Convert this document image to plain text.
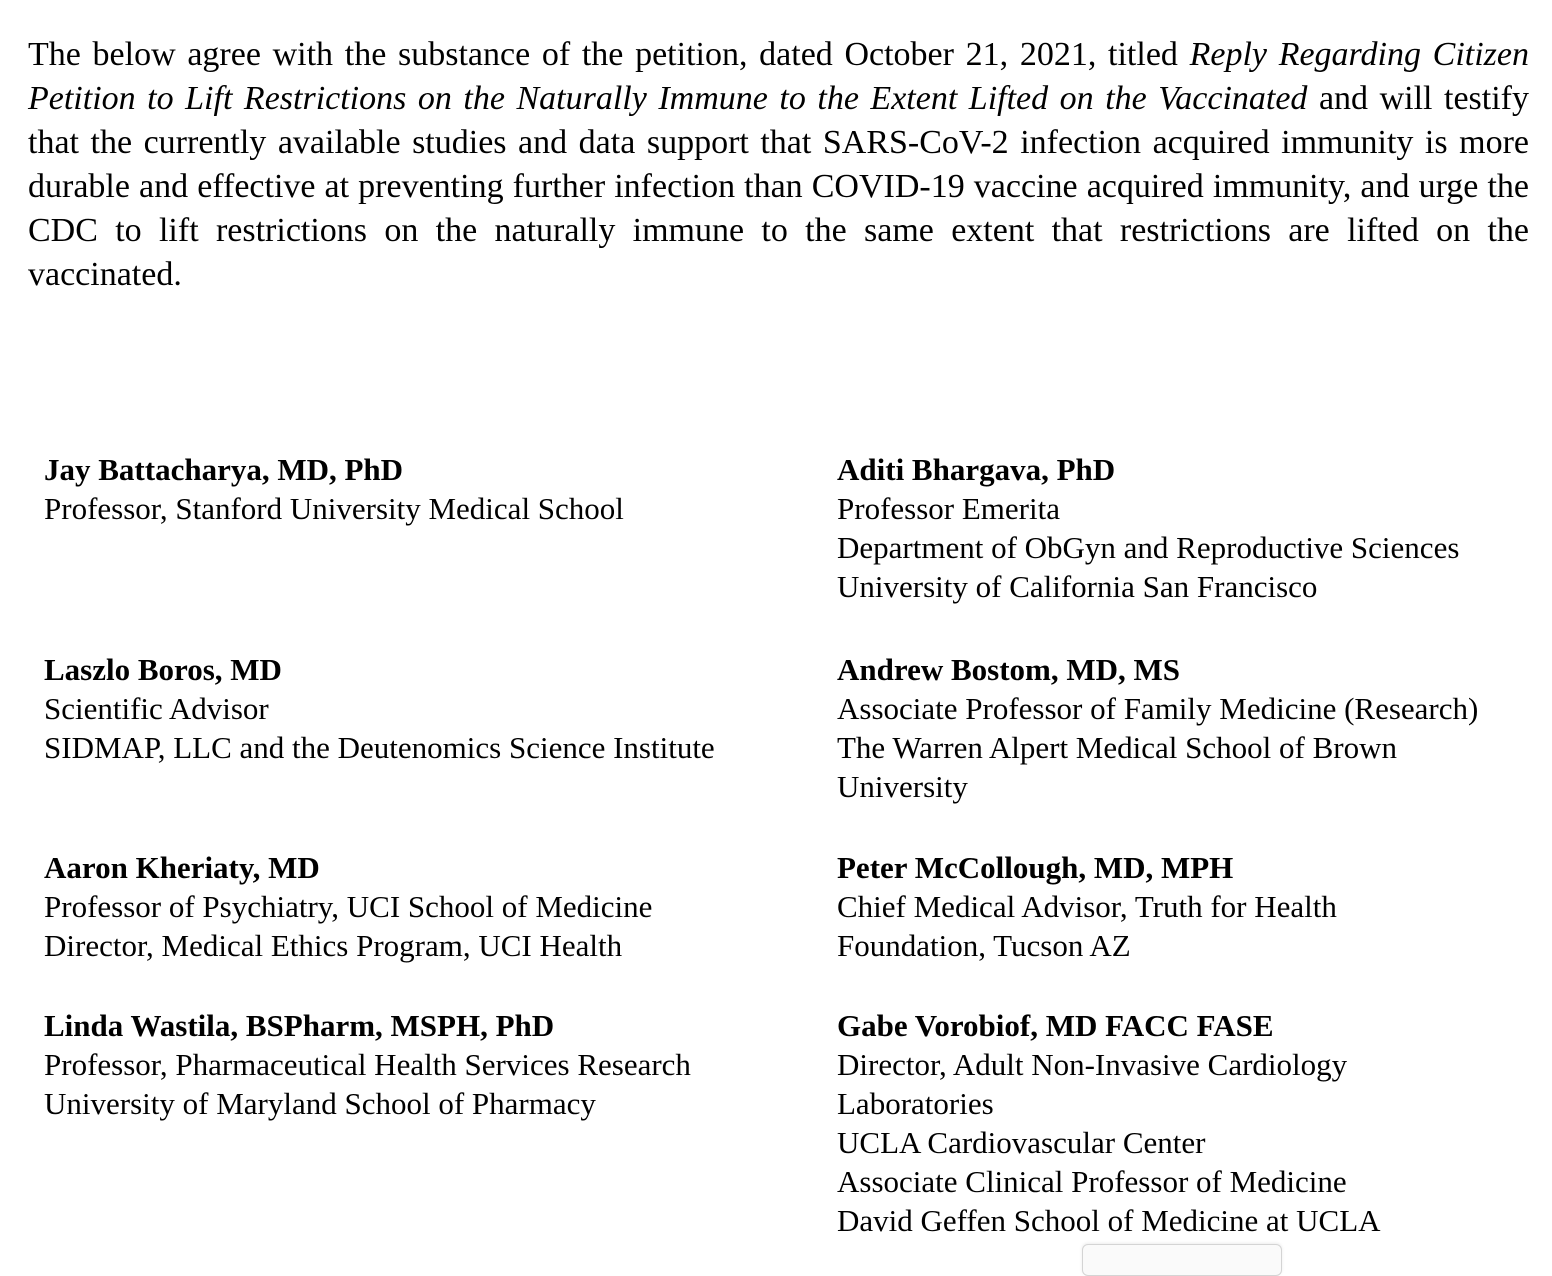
The below agree with the substance of the petition, dated October 21, 2021, titled Reply Regarding Citizen Petition to Lift Restrictions on the Naturally Immune to the Extent Lifted on the Vaccinated and will testify that the currently available studies and data support that SARS-CoV-2 infection acquired immunity is more durable and effective at preventing further infection than COVID-19 vaccine acquired immunity, and urge the CDC to lift restrictions on the naturally immune to the same extent that restrictions are lifted on the vaccinated.

Jay Battacharya, MD, PhD
Professor, Stanford University Medical School
Aditi Bhargava, PhD
Professor Emerita
Department of ObGyn and Reproductive Sciences
University of California San Francisco
Laszlo Boros, MD
Scientific Advisor
SIDMAP, LLC and the Deutenomics Science Institute
Andrew Bostom, MD, MS
Associate Professor of Family Medicine (Research)
The Warren Alpert Medical School of Brown
University
Aaron Kheriaty, MD
Professor of Psychiatry, UCI School of Medicine
Director, Medical Ethics Program, UCI Health
Peter McCollough, MD, MPH
Chief Medical Advisor, Truth for Health
Foundation, Tucson AZ
Linda Wastila, BSPharm, MSPH, PhD
Professor, Pharmaceutical Health Services Research
University of Maryland School of Pharmacy
Gabe Vorobiof, MD FACC FASE
Director, Adult Non-Invasive Cardiology
Laboratories
UCLA Cardiovascular Center
Associate Clinical Professor of Medicine
David Geffen School of Medicine at UCLA
